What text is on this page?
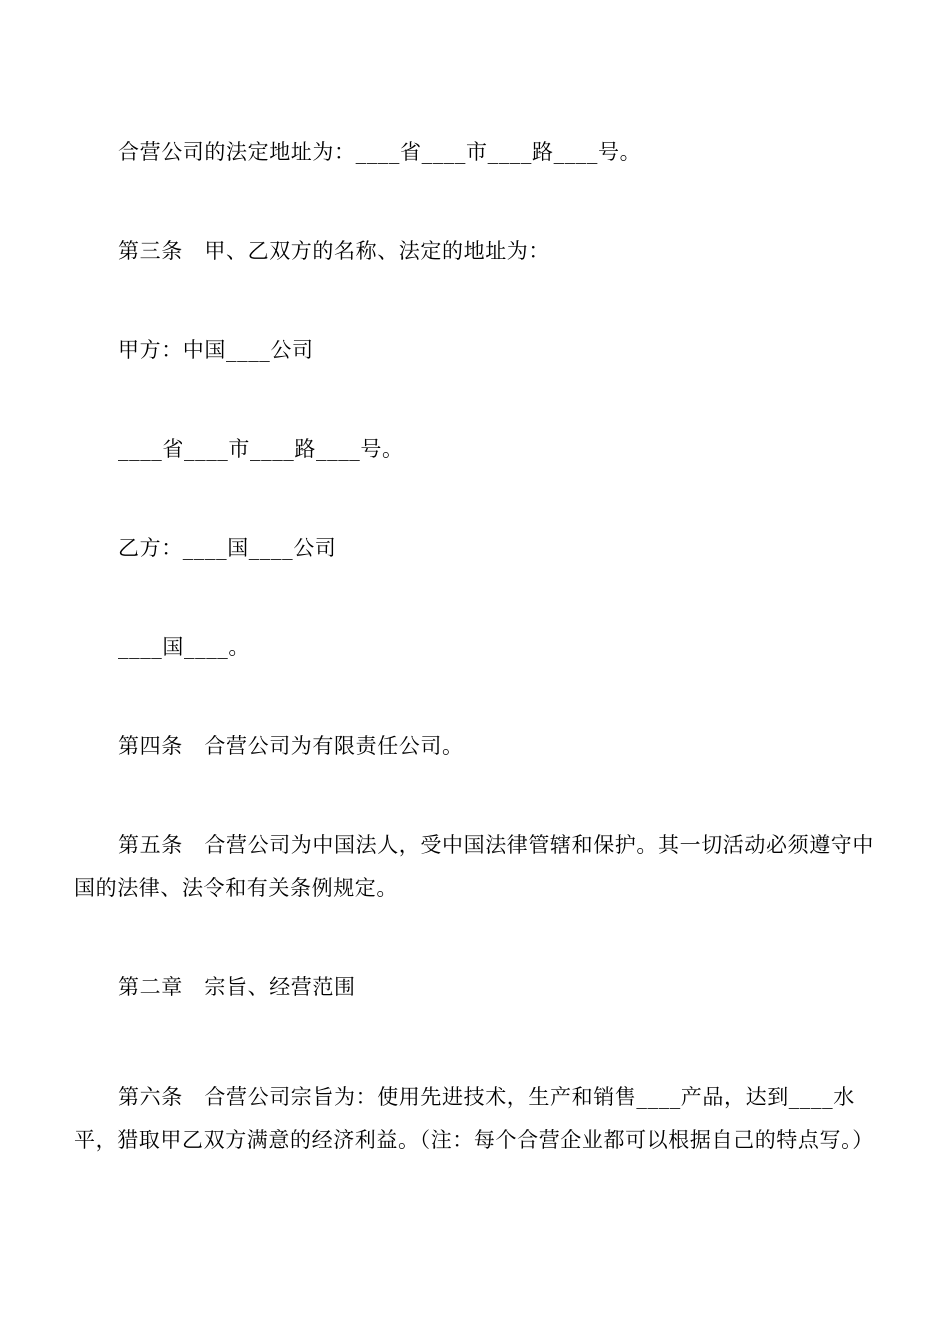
合营公司的法定地址为：____省____市____路____号。

第三条　甲、乙双方的名称、法定的地址为：

甲方：中国____公司

____省____市____路____号。

乙方：____国____公司

____国____。

第四条　合营公司为有限责任公司。

第五条　合营公司为中国法人，受中国法律管辖和保护。其一切活动必须遵守中国的法律、法令和有关条例规定。

第二章　宗旨、经营范围

第六条　合营公司宗旨为：使用先进技术，生产和销售____产品，达到____水平，猎取甲乙双方满意的经济利益。（注：每个合营企业都可以根据自己的特点写。）
